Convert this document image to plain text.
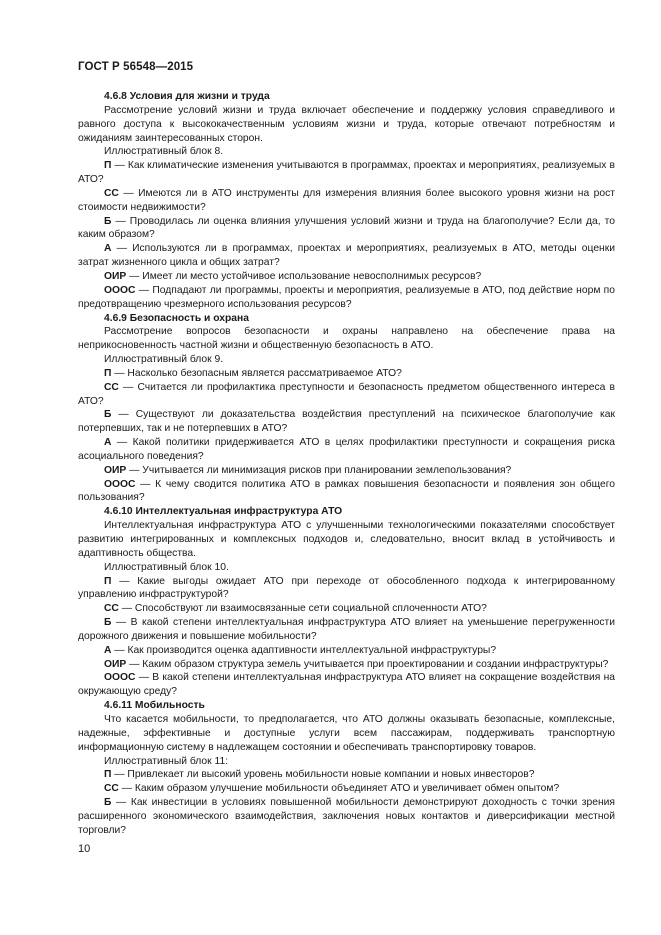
ГОСТ Р 56548—2015

4.6.8 Условия для жизни и труда

Рассмотрение условий жизни и труда включает обеспечение и поддержку условия справедливого и равного доступа к высококачественным условиям жизни и труда, которые отвечают потребностям и ожиданиям заинтересованных сторон.

Иллюстративный блок 8.

П — Как климатические изменения учитываются в программах, проектах и мероприятиях, реализуемых в АТО?

СС — Имеются ли в АТО инструменты для измерения влияния более высокого уровня жизни на рост стоимости недвижимости?

Б — Проводилась ли оценка влияния улучшения условий жизни и труда на благополучие? Если да, то каким образом?

А — Используются ли в программах, проектах и мероприятиях, реализуемых в АТО, методы оценки затрат жизненного цикла и общих затрат?

ОИР — Имеет ли место устойчивое использование невосполнимых ресурсов?

ОООС — Подпадают ли программы, проекты и мероприятия, реализуемые в АТО, под действие норм по предотвращению чрезмерного использования ресурсов?

4.6.9 Безопасность и охрана

Рассмотрение вопросов безопасности и охраны направлено на обеспечение права на неприкосновенность частной жизни и общественную безопасность в АТО.

Иллюстративный блок 9.

П — Насколько безопасным является рассматриваемое АТО?

СС — Считается ли профилактика преступности и безопасность предметом общественного интереса в АТО?

Б — Существуют ли доказательства воздействия преступлений на психическое благополучие как потерпевших, так и не потерпевших в АТО?

А — Какой политики придерживается АТО в целях профилактики преступности и сокращения риска асоциального поведения?

ОИР — Учитывается ли минимизация рисков при планировании землепользования?

ОООС — К чему сводится политика АТО в рамках повышения безопасности и появления зон общего пользования?

4.6.10 Интеллектуальная инфраструктура АТО

Интеллектуальная инфраструктура АТО с улучшенными технологическими показателями способствует развитию интегрированных и комплексных подходов и, следовательно, вносит вклад в устойчивость и адаптивность общества.

Иллюстративный блок 10.

П — Какие выгоды ожидает АТО при переходе от обособленного подхода к интегрированному управлению инфраструктурой?

СС — Способствуют ли взаимосвязанные сети социальной сплоченности АТО?

Б — В какой степени интеллектуальная инфраструктура АТО влияет на уменьшение перегруженности дорожного движения и повышение мобильности?

А — Как производится оценка адаптивности интеллектуальной инфраструктуры?

ОИР — Каким образом структура земель учитывается при проектировании и создании инфраструктуры?

ОООС — В какой степени интеллектуальная инфраструктура АТО влияет на сокращение воздействия на окружающую среду?

4.6.11 Мобильность

Что касается мобильности, то предполагается, что АТО должны оказывать безопасные, комплексные, надежные, эффективные и доступные услуги всем пассажирам, поддерживать транспортную информационную систему в надлежащем состоянии и обеспечивать транспортировку товаров.

Иллюстративный блок 11:

П — Привлекает ли высокий уровень мобильности новые компании и новых инвесторов?

СС — Каким образом улучшение мобильности объединяет АТО и увеличивает обмен опытом?

Б — Как инвестиции в условиях повышенной мобильности демонстрируют доходность с точки зрения расширенного экономического взаимодействия, заключения новых контактов и диверсификации местной торговли?

10
